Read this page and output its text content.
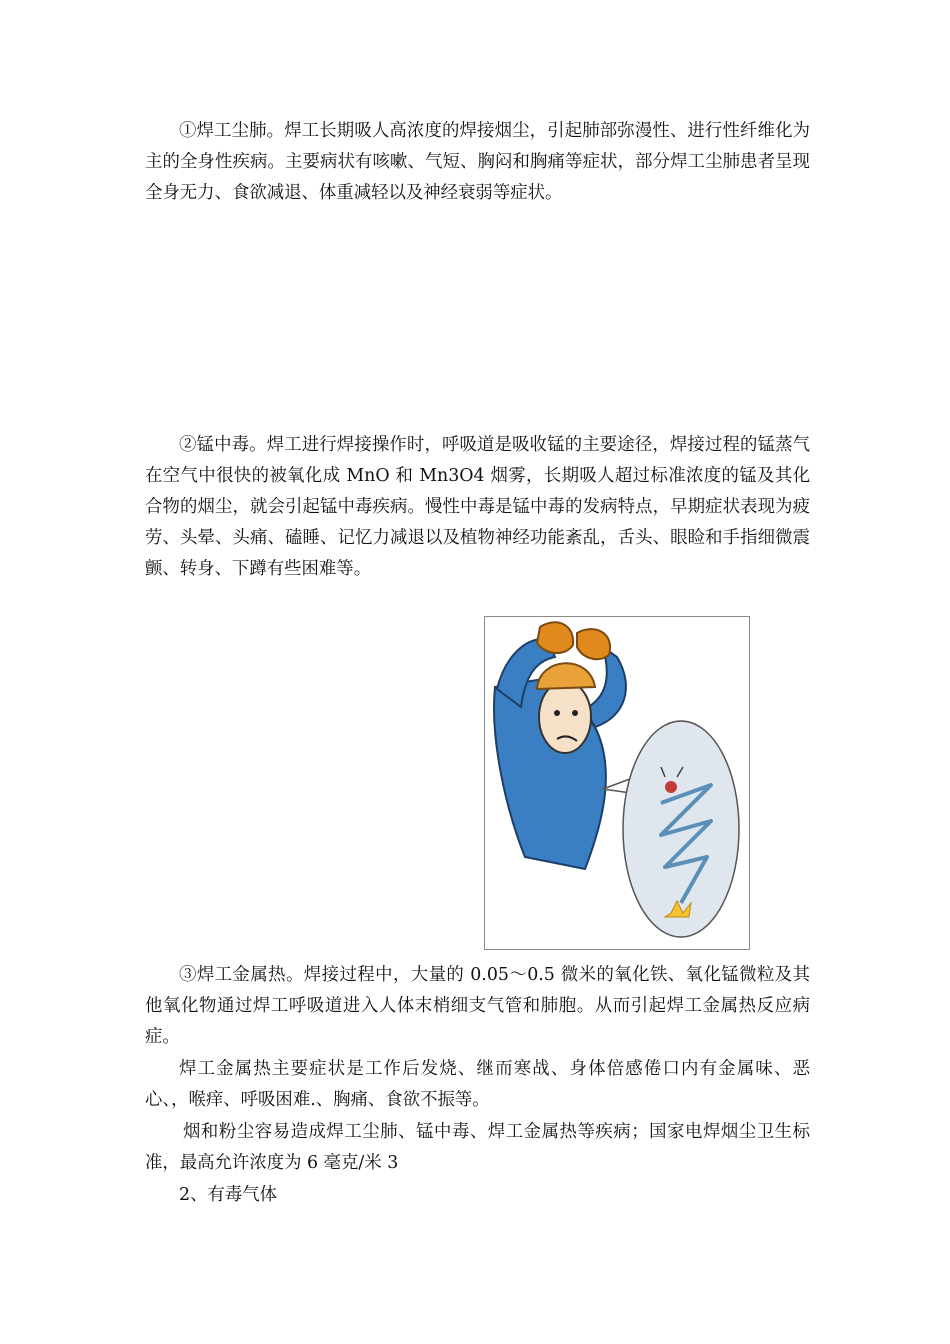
①焊工尘肺。焊工长期吸人高浓度的焊接烟尘，引起肺部弥漫性、进行性纤维化为主的全身性疾病。主要病状有咳嗽、气短、胸闷和胸痛等症状，部分焊工尘肺患者呈现全身无力、食欲减退、体重减轻以及神经衰弱等症状。

②锰中毒。焊工进行焊接操作时，呼吸道是吸收锰的主要途径，焊接过程的锰蒸气在空气中很快的被氧化成 MnO 和 Mn3O4 烟雾，长期吸人超过标准浓度的锰及其化合物的烟尘，就会引起锰中毒疾病。慢性中毒是锰中毒的发病特点，早期症状表现为疲劳、头晕、头痛、磕睡、记忆力减退以及植物神经功能紊乱，舌头、眼睑和手指细微震颤、转身、下蹲有些困难等。

③焊工金属热。焊接过程中，大量的 0.05～0.5 微米的氧化铁、氧化锰微粒及其他氧化物通过焊工呼吸道进入人体末梢细支气管和肺胞。从而引起焊工金属热反应病症。

焊工金属热主要症状是工作后发烧、继而寒战、身体倍感倦口内有金属味、恶心、，喉痒、呼吸困难.、胸痛、食欲不振等。

烟和粉尘容易造成焊工尘肺、锰中毒、焊工金属热等疾病；国家电焊烟尘卫生标准，最高允许浓度为 6 毫克/米 3

2、有毒气体
